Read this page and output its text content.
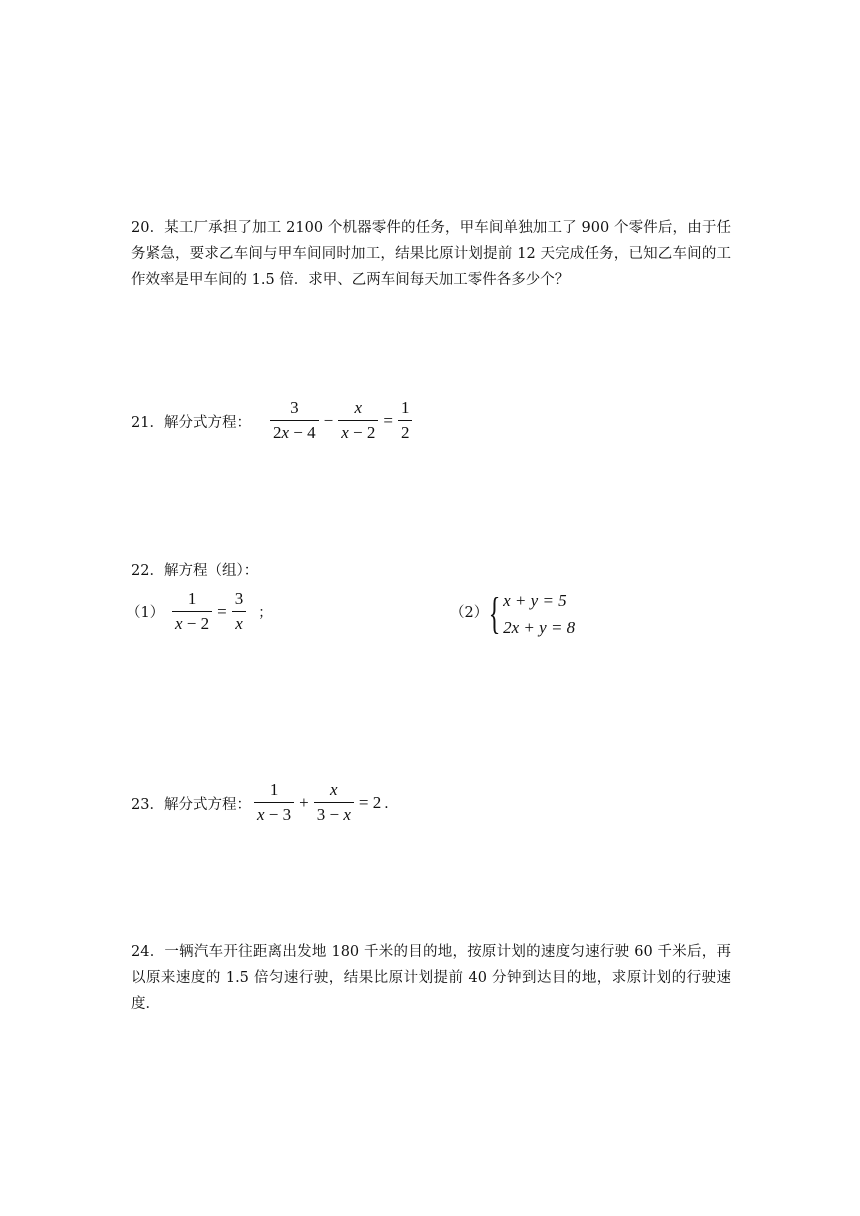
20．某工厂承担了加工 2100 个机器零件的任务，甲车间单独加工了 900 个零件后，由于任务紧急，要求乙车间与甲车间同时加工，结果比原计划提前 12 天完成任务，已知乙车间的工作效率是甲车间的 1.5 倍．求甲、乙两车间每天加工零件各多少个？
21．解分式方程： $\frac{3}{2x - 4} - \frac{x}{x - 2} = \frac{1}{2}$
22．解方程（组）：
$(1) \frac{1}{x - 2} = \frac{3}{x}$ ；	（2） { x + y = 5
2x + y = 8
23．解分式方程： $\frac{1}{x - 3} + \frac{x}{3 - x} = 2$ ．
24．一辆汽车开往距离出发地 180 千米的目的地，按原计划的速度匀速行驶 60 千米后，再以原来速度的 1.5 倍匀速行驶，结果比原计划提前 40 分钟到达目的地，求原计划的行驶速度．
